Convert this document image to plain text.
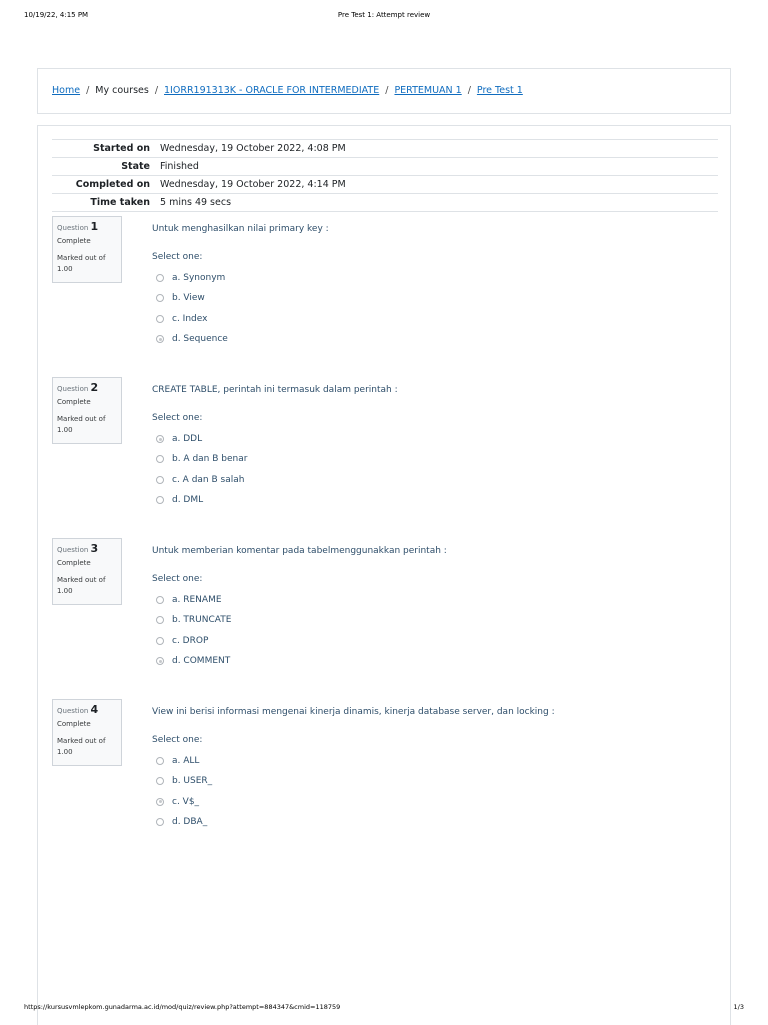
10/19/22, 4:15 PM	Pre Test 1: Attempt review
Home / My courses / 1IORR191313K - ORACLE FOR INTERMEDIATE / PERTEMUAN 1 / Pre Test 1
Started on	Wednesday, 19 October 2022, 4:08 PM
State	Finished
Completed on	Wednesday, 19 October 2022, 4:14 PM
Time taken	5 mins 49 secs
Question 1
Complete
Marked out of 1.00
Untuk menghasilkan nilai primary key :
Select one:
a. Synonym
b. View
c. Index
d. Sequence
Question 2
Complete
Marked out of 1.00
CREATE TABLE, perintah ini termasuk dalam perintah :
Select one:
a. DDL
b. A dan B benar
c. A dan B salah
d. DML
Question 3
Complete
Marked out of 1.00
Untuk memberian komentar pada tabelmenggunakkan perintah :
Select one:
a. RENAME
b. TRUNCATE
c. DROP
d. COMMENT
Question 4
Complete
Marked out of 1.00
View ini berisi informasi mengenai kinerja dinamis, kinerja database server, dan locking :
Select one:
a. ALL
b. USER_
c. V$_
d. DBA_
https://kursusvmlepkom.gunadarma.ac.id/mod/quiz/review.php?attempt=884347&cmid=118759	1/3
